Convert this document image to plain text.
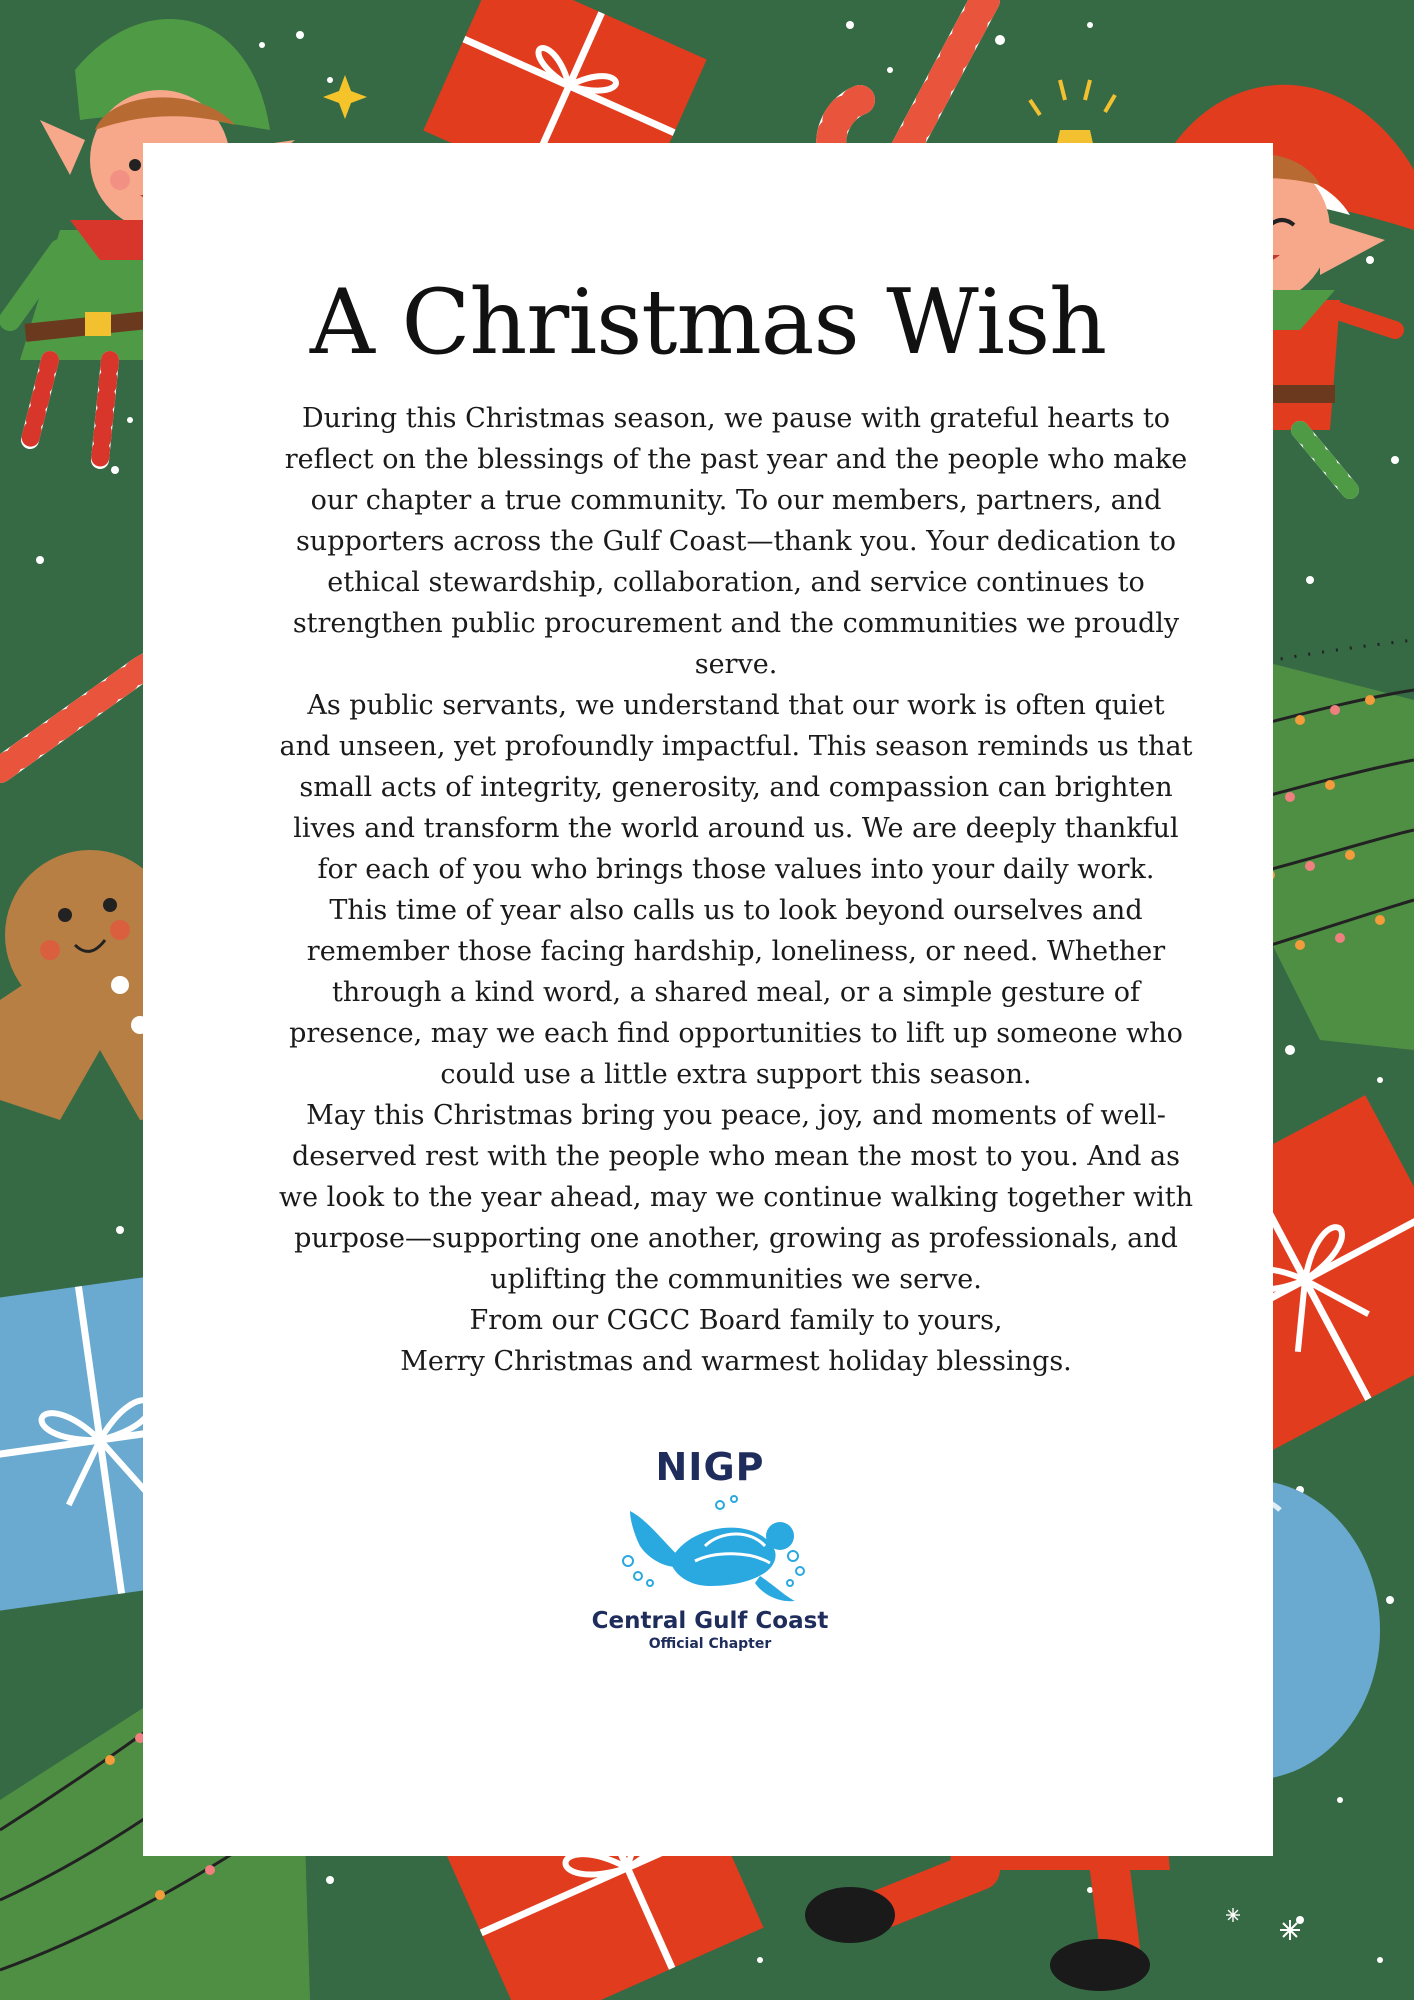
A Christmas Wish

During this Christmas season, we pause with grateful hearts to reflect on the blessings of the past year and the people who make our chapter a true community. To our members, partners, and supporters across the Gulf Coast—thank you. Your dedication to ethical stewardship, collaboration, and service continues to strengthen public procurement and the communities we proudly serve.

As public servants, we understand that our work is often quiet and unseen, yet profoundly impactful. This season reminds us that small acts of integrity, generosity, and compassion can brighten lives and transform the world around us. We are deeply thankful for each of you who brings those values into your daily work.

This time of year also calls us to look beyond ourselves and remember those facing hardship, loneliness, or need. Whether through a kind word, a shared meal, or a simple gesture of presence, may we each find opportunities to lift up someone who could use a little extra support this season.

May this Christmas bring you peace, joy, and moments of well-deserved rest with the people who mean the most to you. And as we look to the year ahead, may we continue walking together with purpose—supporting one another, growing as professionals, and uplifting the communities we serve.

From our CGCC Board family to yours,

Merry Christmas and warmest holiday blessings.

NIGP
Central Gulf Coast
Official Chapter
